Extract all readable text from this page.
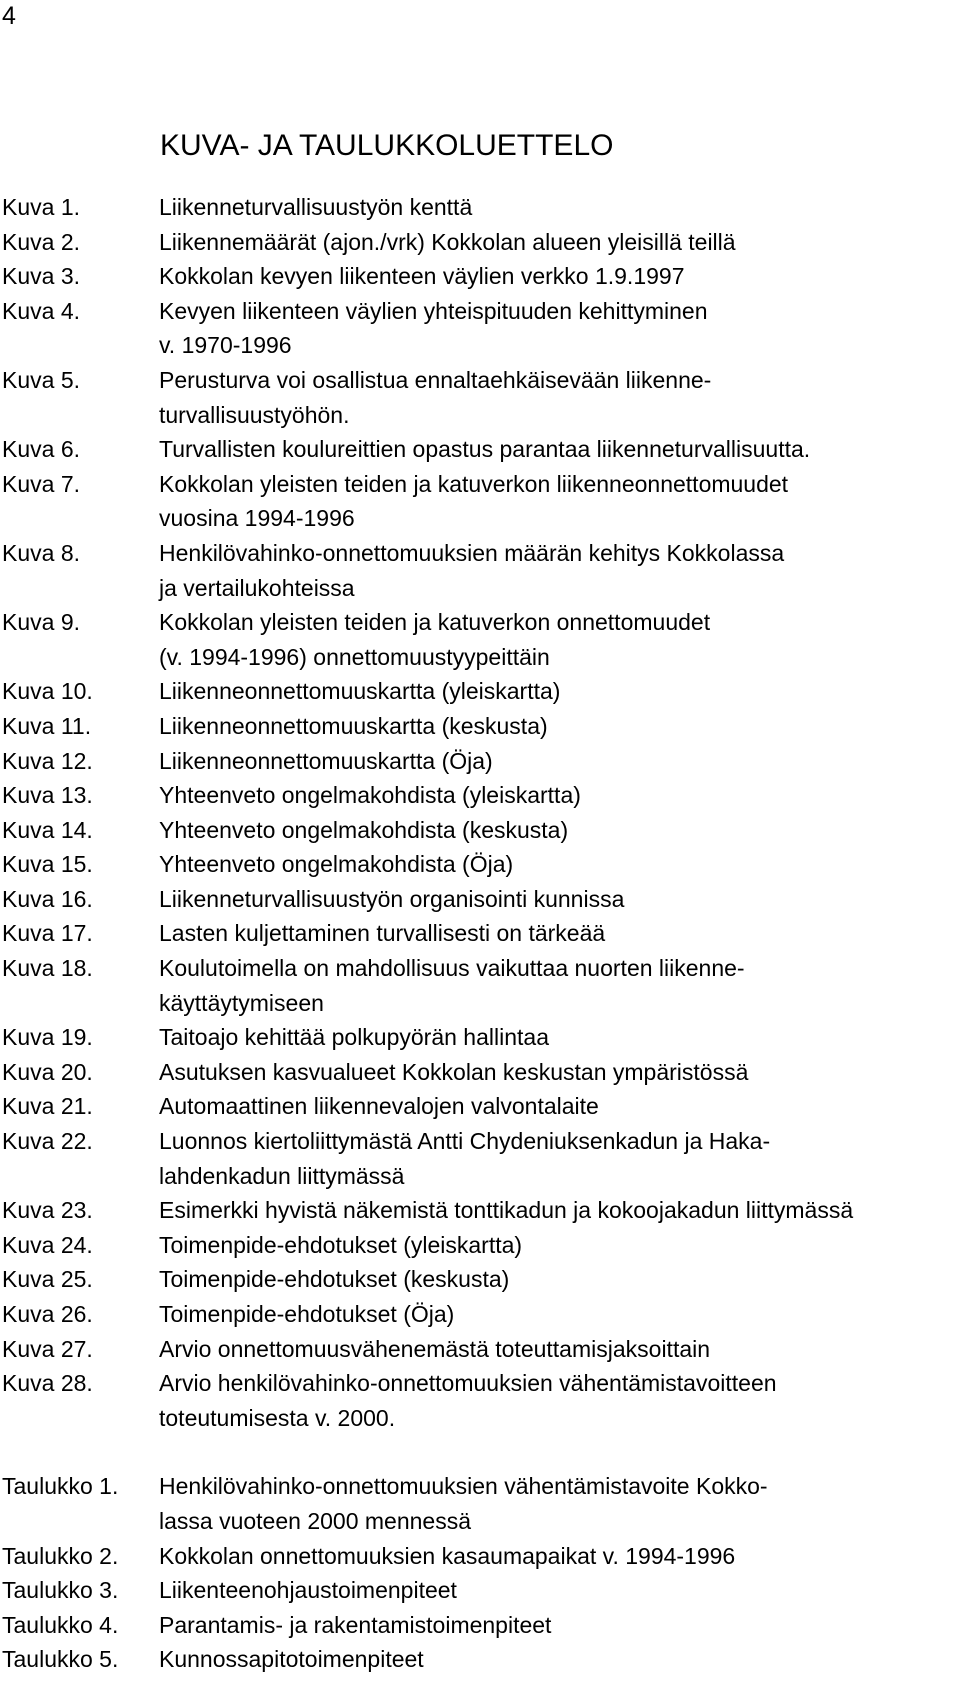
4
KUVA- JA TAULUKKOLUETTELO
Kuva 1.	Liikenneturvallisuustyön kenttä
Kuva 2.	Liikennemäärät (ajon./vrk) Kokkolan alueen yleisillä teillä
Kuva 3.	Kokkolan kevyen liikenteen väylien verkko 1.9.1997
Kuva 4.	Kevyen liikenteen väylien yhteispituuden kehittyminen
v. 1970-1996
Kuva 5.	Perusturva voi osallistua ennaltaehkäisevään liikenne-
turvallisuustyöhön.
Kuva 6.	Turvallisten koulureittien opastus parantaa liikenneturvallisuutta.
Kuva 7.	Kokkolan yleisten teiden ja katuverkon liikenneonnettomuudet
vuosina 1994-1996
Kuva 8.	Henkilövahinko-onnettomuuksien määrän kehitys Kokkolassa
ja vertailukohteissa
Kuva 9.	Kokkolan yleisten teiden ja katuverkon onnettomuudet
(v. 1994-1996) onnettomuustyypeittäin
Kuva 10.	Liikenneonnettomuuskartta (yleiskartta)
Kuva 11.	Liikenneonnettomuuskartta (keskusta)
Kuva 12.	Liikenneonnettomuuskartta (Öja)
Kuva 13.	Yhteenveto ongelmakohdista (yleiskartta)
Kuva 14.	Yhteenveto ongelmakohdista (keskusta)
Kuva 15.	Yhteenveto ongelmakohdista (Öja)
Kuva 16.	Liikenneturvallisuustyön organisointi kunnissa
Kuva 17.	Lasten kuljettaminen turvallisesti on tärkeää
Kuva 18.	Koulutoimella on mahdollisuus vaikuttaa nuorten liikenne-
käyttäytymiseen
Kuva 19.	Taitoajo kehittää polkupyörän hallintaa
Kuva 20.	Asutuksen kasvualueet Kokkolan keskustan ympäristössä
Kuva 21.	Automaattinen liikennevalojen valvontalaite
Kuva 22.	Luonnos kiertoliittymästä Antti Chydeniuksenkadun ja Haka-
lahdenkadun liittymässä
Kuva 23.	Esimerkki hyvistä näkemistä tonttikadun ja kokoojakadun liittymässä
Kuva 24.	Toimenpide-ehdotukset (yleiskartta)
Kuva 25.	Toimenpide-ehdotukset (keskusta)
Kuva 26.	Toimenpide-ehdotukset (Öja)
Kuva 27.	Arvio onnettomuusvähenemästä toteuttamisjaksoittain
Kuva 28.	Arvio henkilövahinko-onnettomuuksien vähentämistavoitteen
toteutumisesta v. 2000.
Taulukko 1.	Henkilövahinko-onnettomuuksien vähentämistavoite Kokko-
lassa vuoteen 2000 mennessä
Taulukko 2.	Kokkolan onnettomuuksien kasaumapaikat v. 1994-1996
Taulukko 3.	Liikenteenohjaustoimenpiteet
Taulukko 4.	Parantamis- ja rakentamistoimenpiteet
Taulukko 5.	Kunnossapitotoimenpiteet
